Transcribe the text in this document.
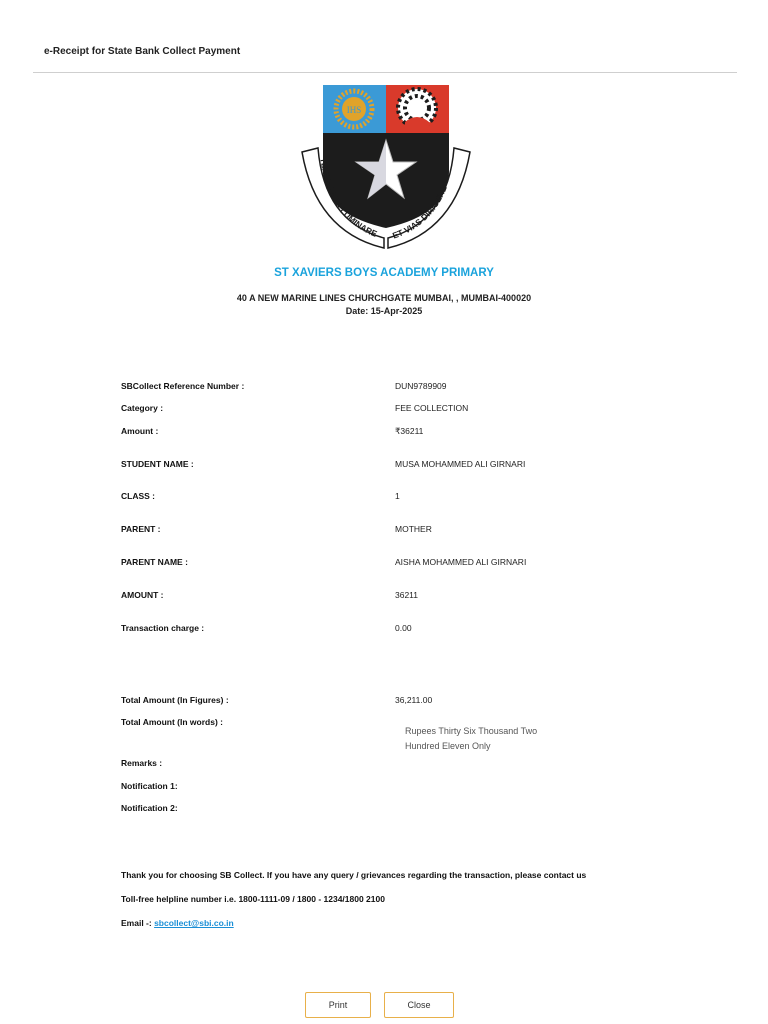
e-Receipt for State Bank Collect Payment
IHS
TENEBRAS ILLUMINARE ET VIAS DIRIGERE
ST XAVIERS BOYS ACADEMY PRIMARY
40 A NEW MARINE LINES CHURCHGATE MUMBAI, , MUMBAI-400020
Date: 15-Apr-2025
SBCollect Reference Number :	DUN9789909
Category :	FEE COLLECTION
Amount :	₹36211
STUDENT NAME :	MUSA MOHAMMED ALI GIRNARI
CLASS :	1
PARENT :	MOTHER
PARENT NAME :	AISHA MOHAMMED ALI GIRNARI
AMOUNT :	36211
Transaction charge :	0.00
Total Amount (In Figures) :	36,211.00
Total Amount (In words) :
Rupees Thirty Six Thousand Two Hundred Eleven Only
Remarks :
Notification 1:
Notification 2:
Thank you for choosing SB Collect. If you have any query / grievances regarding the transaction, please contact us
Toll-free helpline number i.e. 1800-1111-09 / 1800 - 1234/1800 2100
Email -: sbcollect@sbi.co.in
Print	Close
